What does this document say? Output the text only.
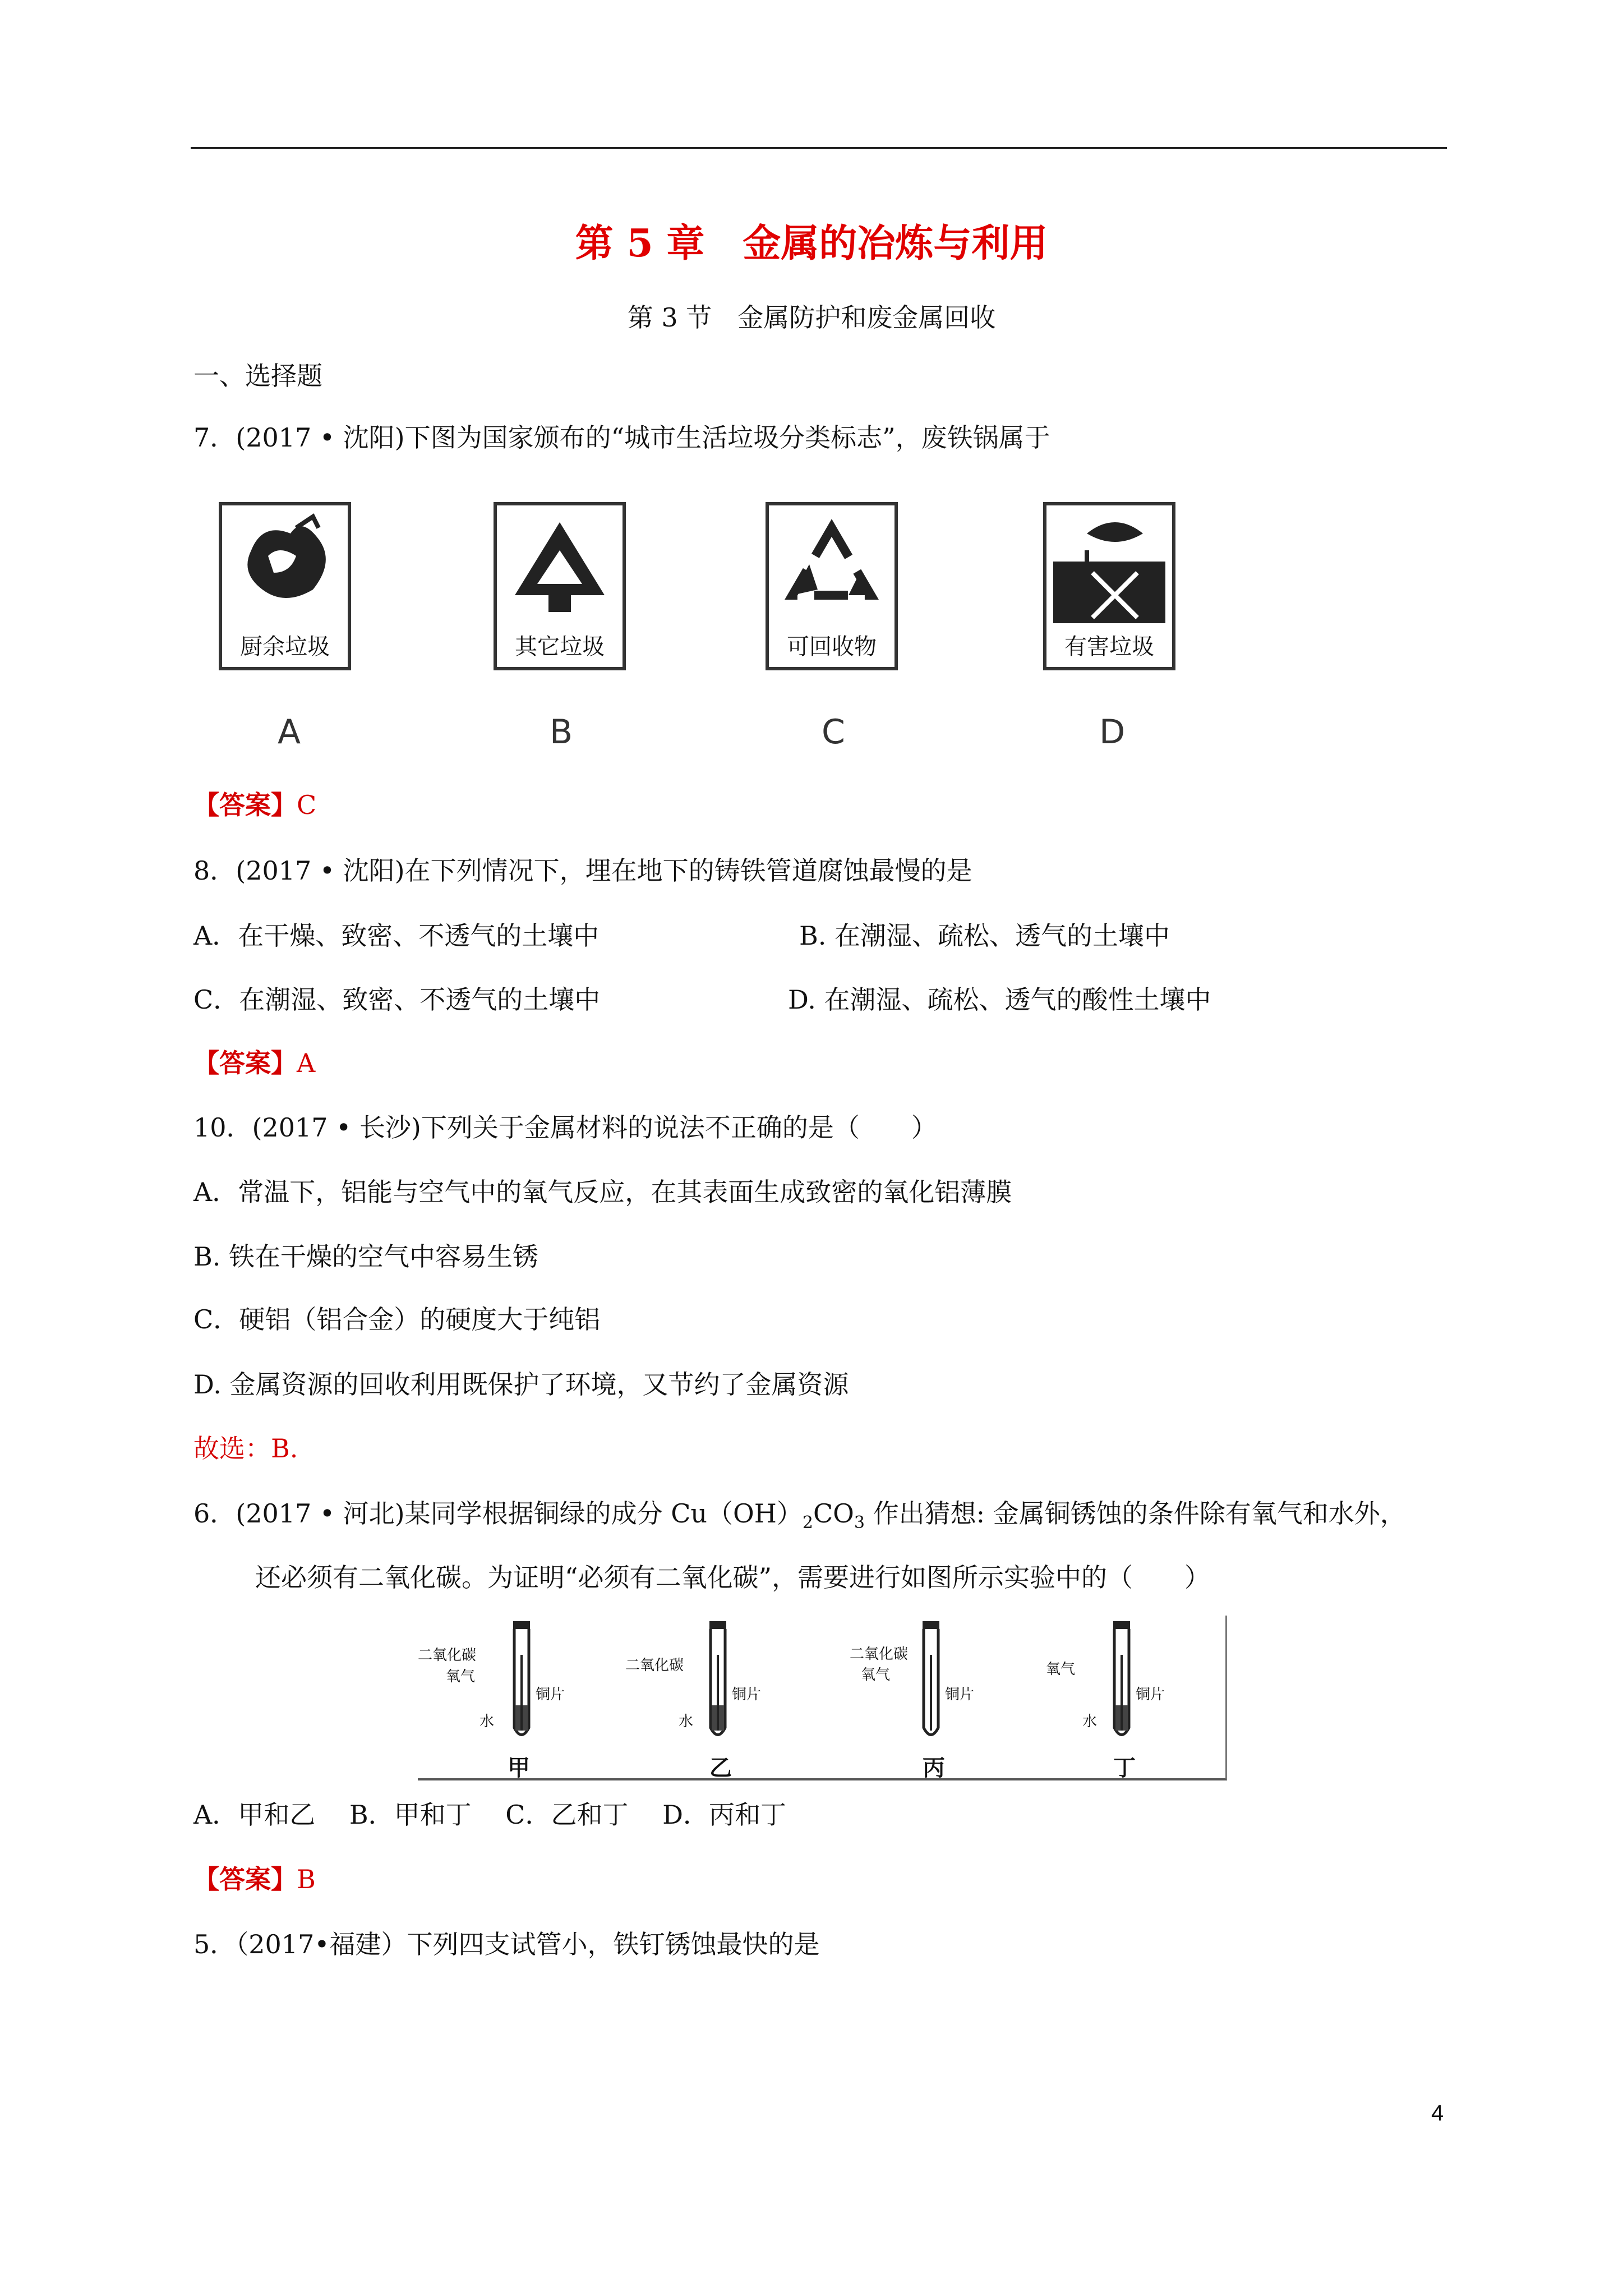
第 5 章　金属的冶炼与利用
第 3 节　金属防护和废金属回收
一、选择题
7．(2017 • 沈阳)下图为国家颁布的“城市生活垃圾分类标志”，废铁锅属于
厨余垃圾	其它垃圾	可回收物	有害垃圾
A	B	C	D
【答案】C
8．(2017 • 沈阳)在下列情况下，埋在地下的铸铁管道腐蚀最慢的是
A．在干燥、致密、不透气的土壤中	B. 在潮湿、疏松、透气的土壤中
C．在潮湿、致密、不透气的土壤中	D. 在潮湿、疏松、透气的酸性土壤中
【答案】A
10．(2017 • 长沙)下列关于金属材料的说法不正确的是（　　）
A．常温下，铝能与空气中的氧气反应，在其表面生成致密的氧化铝薄膜
B. 铁在干燥的空气中容易生锈
C．硬铝（铝合金）的硬度大于纯铝
D. 金属资源的回收利用既保护了环境，又节约了金属资源
故选：B.
6．(2017 • 河北)某同学根据铜绿的成分 $Cu(OH)_2CO_3$ 作出猜想: 金属铜锈蚀的条件除有氧气和水外，
还必须有二氧化碳。为证明“必须有二氧化碳”，需要进行如图所示实验中的（　　）
二氧化碳
氧气
铜片
水
甲
二氧化碳
铜片
水
乙
二氧化碳
氧气
铜片
丙
氧气
铜片
水
丁
A．甲和乙　 B．甲和丁　 C．乙和丁　 D．丙和丁
【答案】B
5．（2017•福建）下列四支试管小，铁钉锈蚀最快的是
4
